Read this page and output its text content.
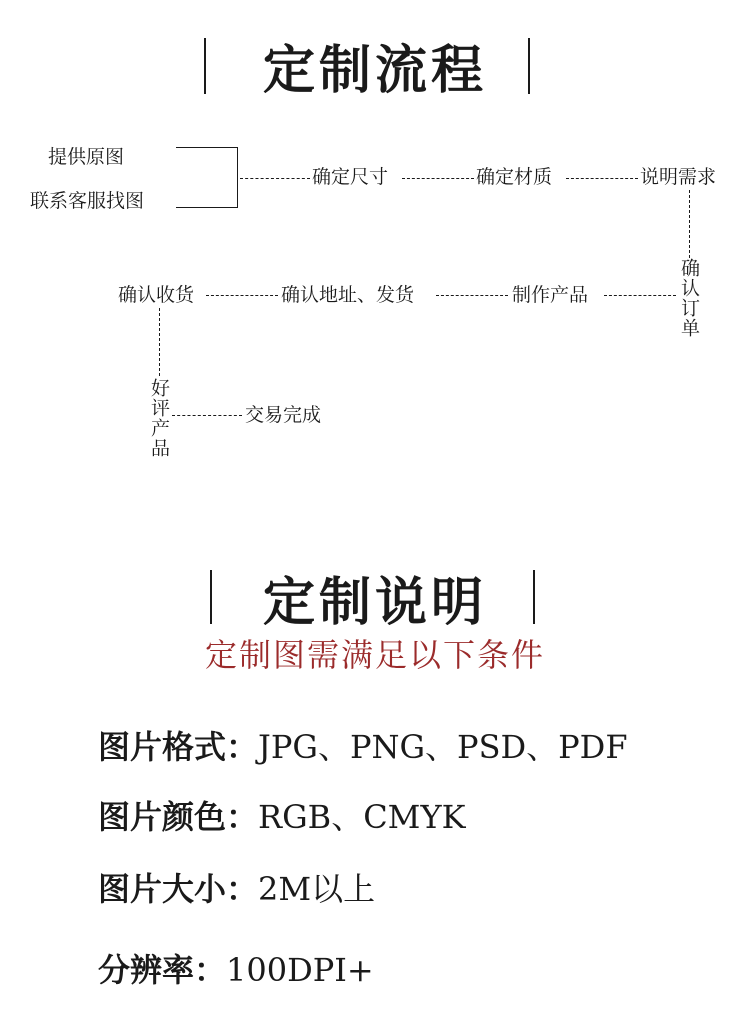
定制流程
提供原图
联系客服找图
确定尺寸	确定材质	说明需求
确认订单
制作产品
确认地址、发货
确认收货
好评产品	交易完成
定制说明
定制图需满足以下条件
图片格式：JPG、PNG、PSD、PDF
图片颜色：RGB、CMYK
图片大小：2M以上
分辨率：100DPI+
